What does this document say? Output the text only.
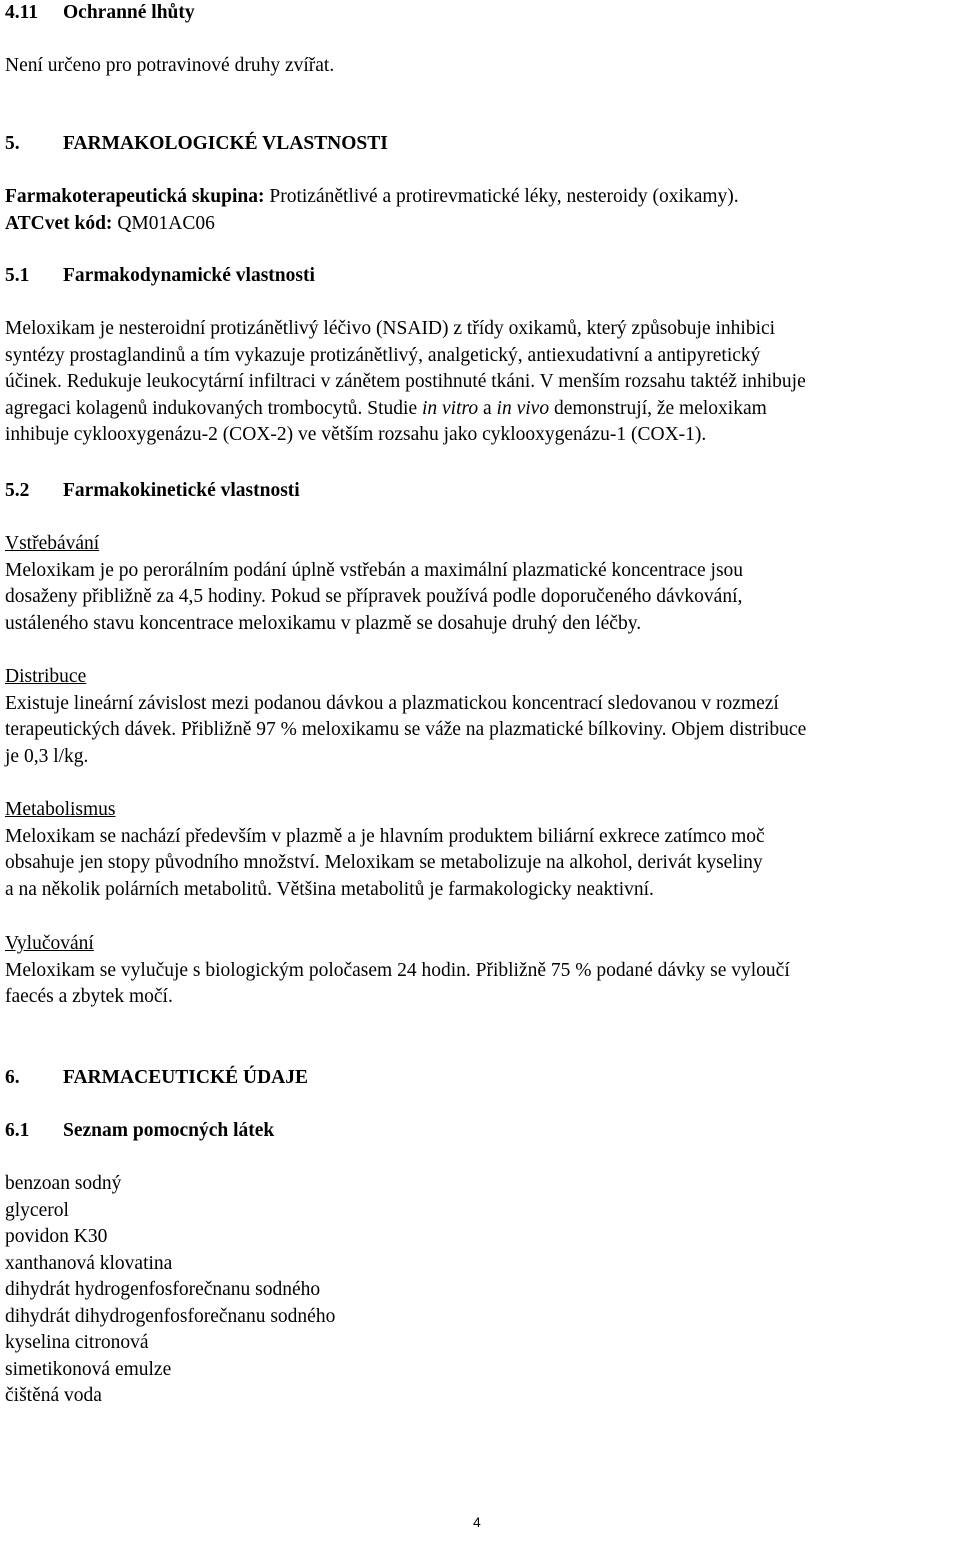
4.11 Ochranné lhůty
Není určeno pro potravinové druhy zvířat.
5. FARMAKOLOGICKÉ VLASTNOSTI
Farmakoterapeutická skupina: Protizánětlivé a protirevmatické léky, nesteroidy (oxikamy).
ATCvet kód: QM01AC06
5.1 Farmakodynamické vlastnosti
Meloxikam je nesteroidní protizánětlivý léčivo (NSAID) z třídy oxikamů, který způsobuje inhibici
syntézy prostaglandinů a tím vykazuje protizánětlivý, analgetický, antiexudativní a antipyretický
účinek. Redukuje leukocytární infiltraci v zánětem postihnuté tkáni. V menším rozsahu taktéž inhibuje
agregaci kolagenů indukovaných trombocytů. Studie in vitro a in vivo demonstrují, že meloxikam
inhibuje cyklooxygenázu-2 (COX-2) ve větším rozsahu jako cyklooxygenázu-1 (COX-1).
5.2 Farmakokinetické vlastnosti
Vstřebávání
Meloxikam je po perorálním podání úplně vstřebán a maximální plazmatické koncentrace jsou
dosaženy přibližně za 4,5 hodiny. Pokud se přípravek používá podle doporučeného dávkování,
ustáleného stavu koncentrace meloxikamu v plazmě se dosahuje druhý den léčby.
Distribuce
Existuje lineární závislost mezi podanou dávkou a plazmatickou koncentrací sledovanou v rozmezí
terapeutických dávek. Přibližně 97 % meloxikamu se váže na plazmatické bílkoviny. Objem distribuce
je 0,3 l/kg.
Metabolismus
Meloxikam se nachází především v plazmě a je hlavním produktem biliární exkrece zatímco moč
obsahuje jen stopy původního množství. Meloxikam se metabolizuje na alkohol, derivát kyseliny
a na několik polárních metabolitů. Většina metabolitů je farmakologicky neaktivní.
Vylučování
Meloxikam se vylučuje s biologickým poločasem 24 hodin. Přibližně 75 % podané dávky se vyloučí
faecés a zbytek močí.
6. FARMACEUTICKÉ ÚDAJE
6.1 Seznam pomocných látek
benzoan sodný
glycerol
povidon K30
xanthanová klovatina
dihydrát hydrogenfosforečnanu sodného
dihydrát dihydrogenfosforečnanu sodného
kyselina citronová
simetikonová emulze
čištěná voda
4
